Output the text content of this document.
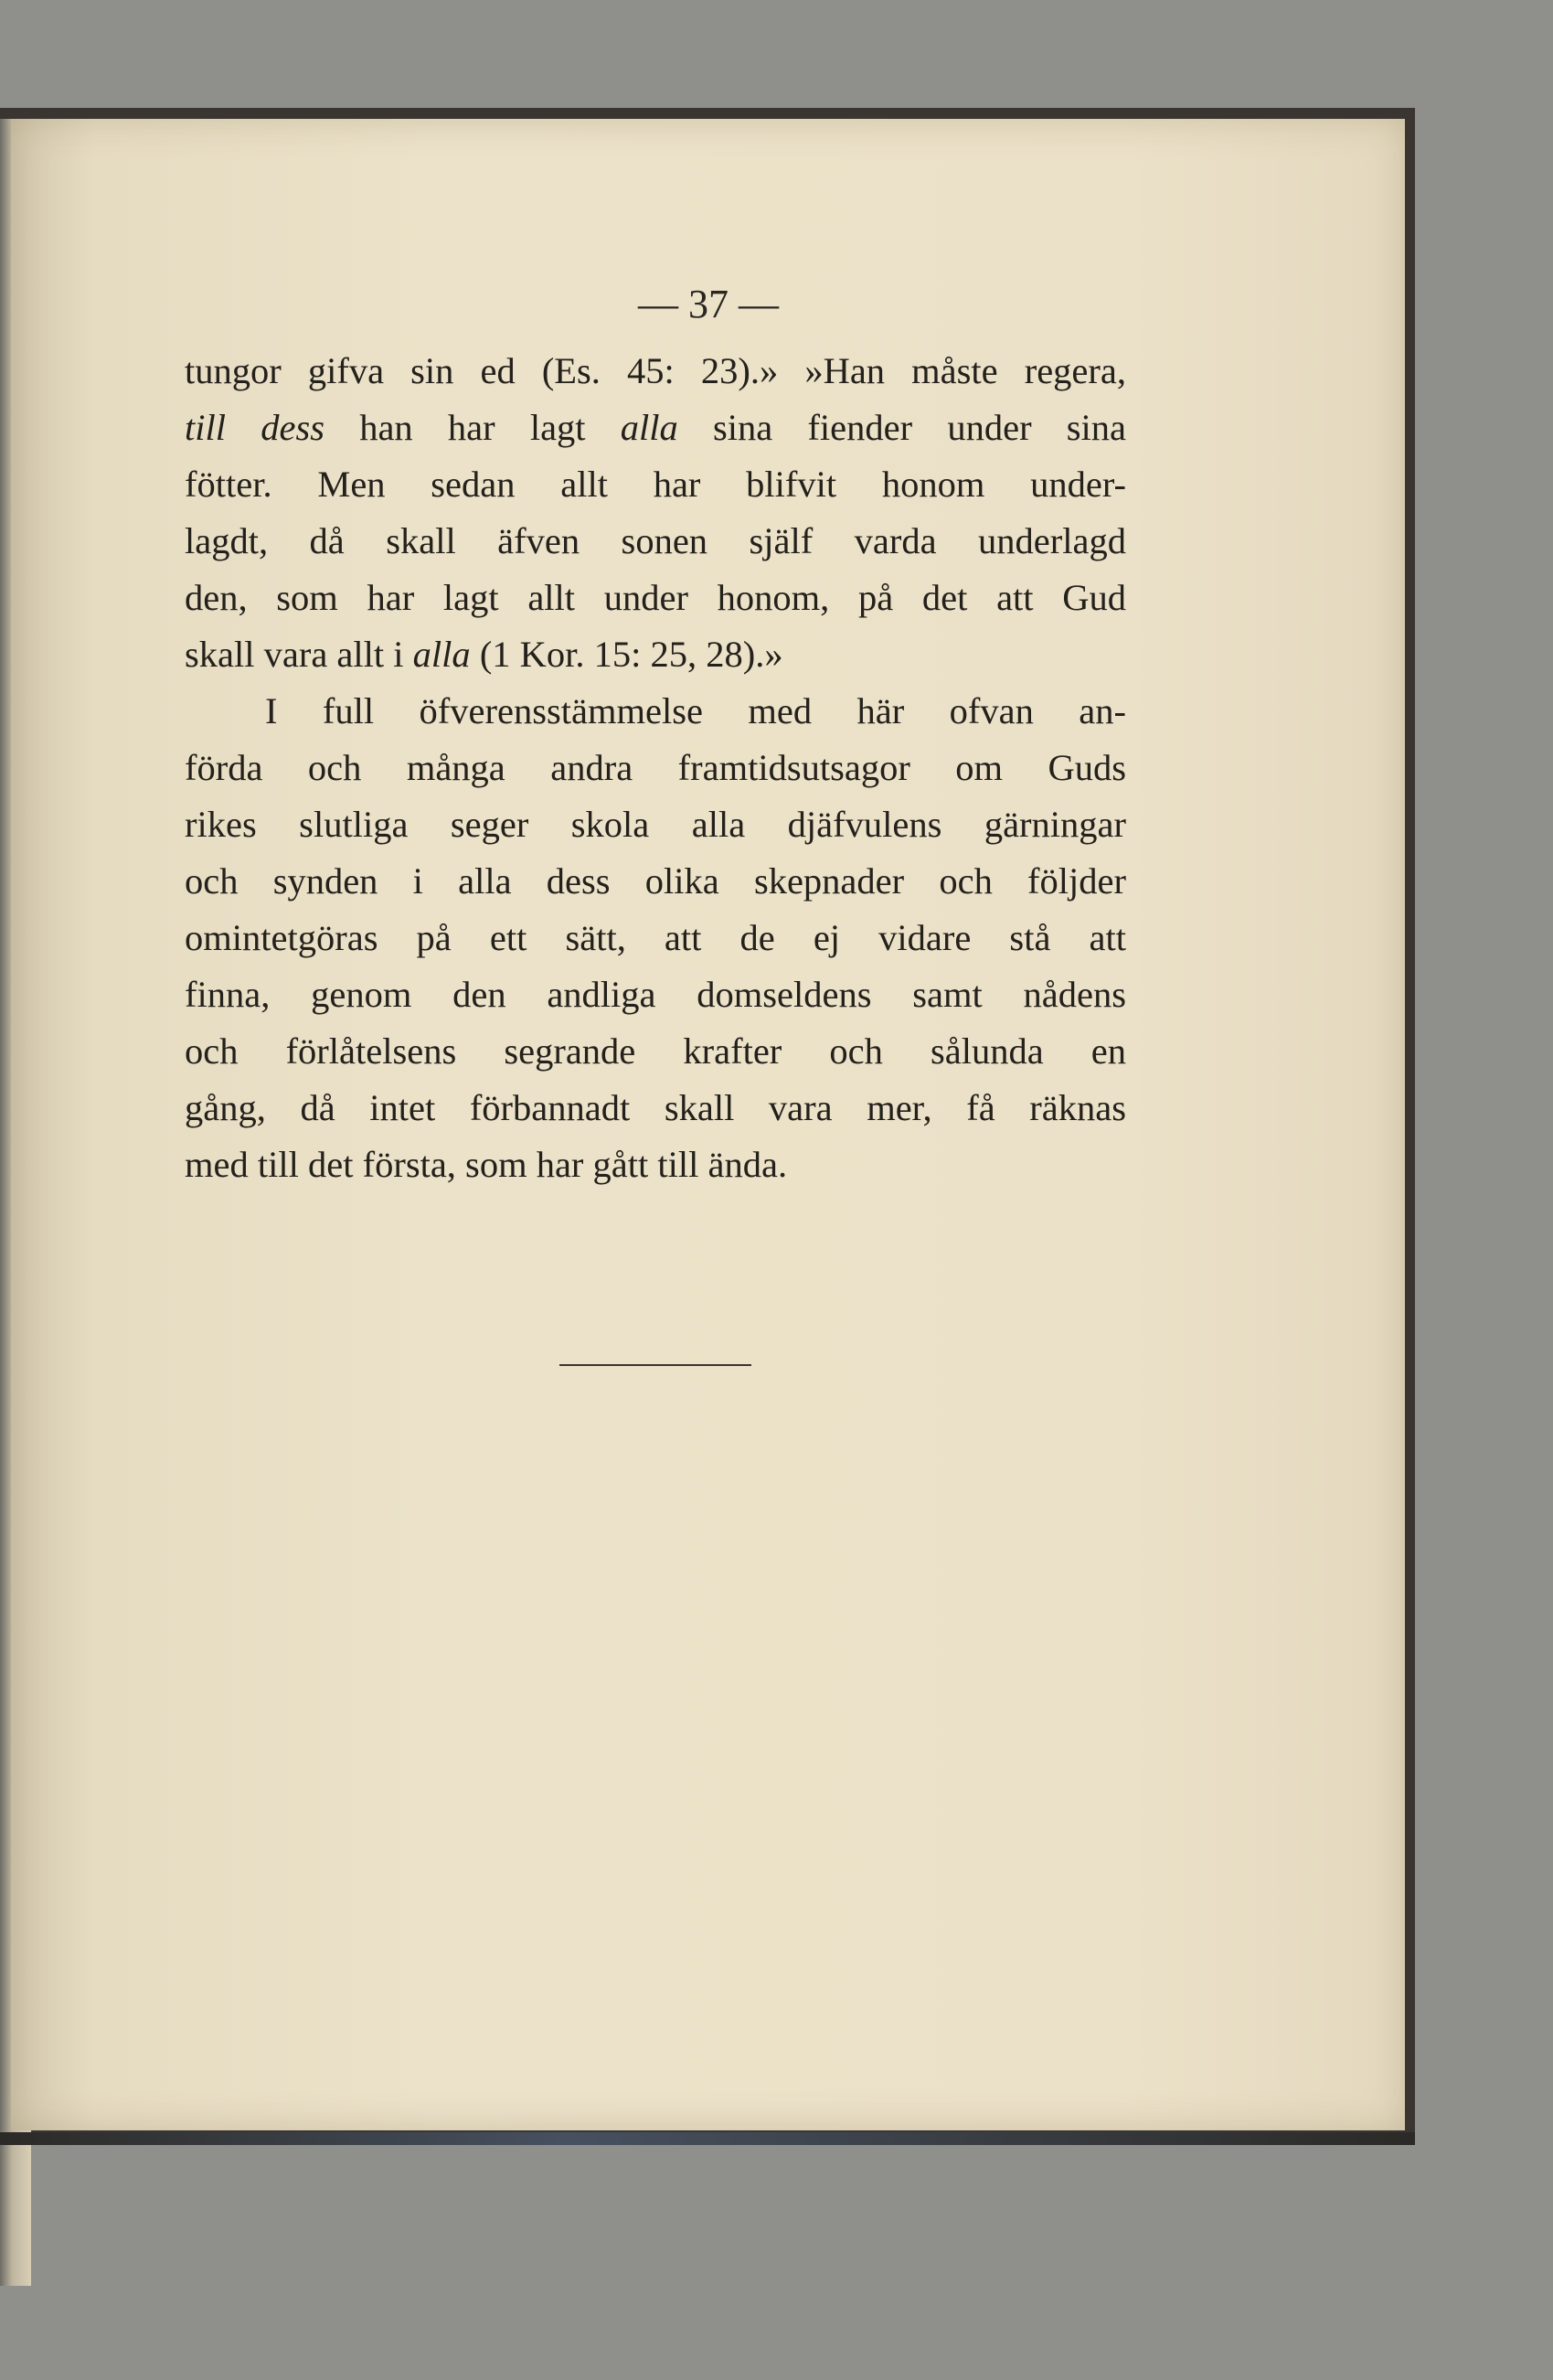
— 37 —
tungor gifva sin ed (Es. 45: 23).» »Han måste regera,
till dess han har lagt alla sina fiender under sina
fötter. Men sedan allt har blifvit honom under-
lagdt, då skall äfven sonen själf varda underlagd
den, som har lagt allt under honom, på det att Gud
skall vara allt i alla (1 Kor. 15: 25, 28).»
I full öfverensstämmelse med här ofvan an-
förda och många andra framtidsutsagor om Guds
rikes slutliga seger skola alla djäfvulens gärningar
och synden i alla dess olika skepnader och följder
omintetgöras på ett sätt, att de ej vidare stå att
finna, genom den andliga domseldens samt nådens
och förlåtelsens segrande krafter och sålunda en
gång, då intet förbannadt skall vara mer, få räknas
med till det första, som har gått till ända.
